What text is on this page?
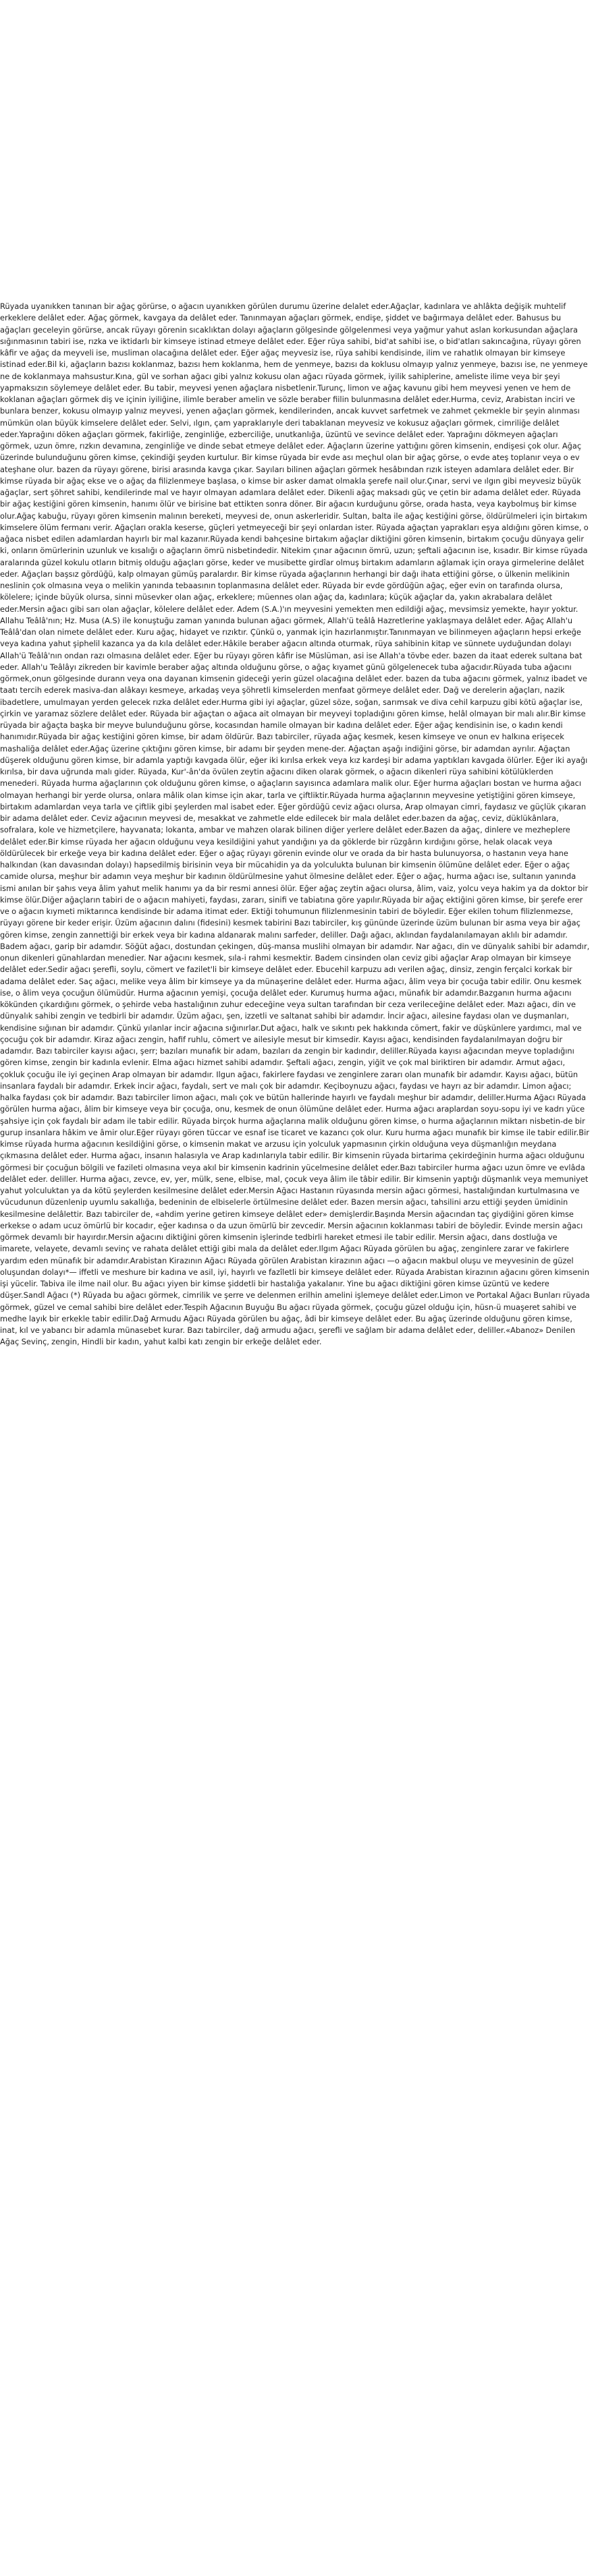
Rüyada uyanıkken tanınan bir ağaç görürse, o ağacın uyanıkken görülen durumu üzerine delalet eder.Ağaçlar, kadınlara ve ahlâkta değişik muhtelif erkeklere delâlet eder. Ağaç görmek, kavgaya da delâlet eder. Tanınmayan ağaçları görmek, endişe, şiddet ve bağırmaya delâlet eder. Bahusus bu ağaçları geceleyin görürse, ancak rüyayı görenin sıcaklıktan dolayı ağaçların gölgesinde gölgelenmesi veya yağmur yahut aslan korkusundan ağaçlara sığınmasının tabiri ise, rızka ve iktidarlı bir kimseye istinad etmeye delâlet eder. Eğer rüya sahibi, bid'at sahibi ise, o bid'atları sakıncağına, rüyayı gören kâfir ve ağaç da meyveli ise, musliman olacağına delâlet eder. Eğer ağaç meyvesiz ise, rüya sahibi kendisinde, ilim ve rahatlık olmayan bir kimseye istinad eder.Bil ki, ağaçların bazısı koklanmaz, bazısı hem koklanma, hem de yenmeye, bazısı da koklusu olmayıp yalnız yenmeye, bazısı ise, ne yenmeye ne de koklanmaya mahsustur.Kına, gül ve sorhan ağacı gibi yalnız kokusu olan ağacı rüyada görmek, iyilik sahiplerine, ameliste ilime veya bir şeyi yapmaksızın söylemeye delâlet eder. Bu tabir, meyvesi yenen ağaçlara nisbetlenir.Turunç, limon ve ağaç kavunu gibi hem meyvesi yenen ve hem de koklanan ağaçları görmek diş ve içinin iyiliğine, ilimle beraber amelin ve sözle beraber fiilin bulunmasına delâlet eder.Hurma, ceviz, Arabistan inciri ve bunlara benzer, kokusu olmayıp yalnız meyvesi, yenen ağaçları görmek, kendilerinden, ancak kuvvet sarfetmek ve zahmet çekmekle bir şeyin alınması mümkün olan büyük kimselere delâlet eder. Selvi, ılgın, çam yapraklarıyle deri tabaklanan meyvesiz ve kokusuz ağaçları görmek, cimriliğe delâlet eder.Yaprağını döken ağaçları görmek, fakirliğe, zenginliğe, ezberciliğe, unutkanlığa, üzüntü ve sevince delâlet eder. Yaprağını dökmeyen ağaçları görmek, uzun ömre, rızkın devamına, zenginliğe ve dinde sebat etmeye delâlet eder. Ağaçların üzerine yattığını gören kimsenin, endişesi çok olur. Ağaç üzerinde bulunduğunu gören kimse, çekindiği şeyden kurtulur. Bir kimse rüyada bir evde ası meçhul olan bir ağaç görse, o evde ateş toplanır veya o ev ateşhane olur. bazen da rüyayı görene, birisi arasında kavga çıkar. Sayıları bilinen ağaçları görmek hesâbından rızık isteyen adamlara delâlet eder. Bir kimse rüyada bir ağaç ekse ve o ağaç da filizlenmeye başlasa, o kimse bir asker damat olmakla şerefe nail olur.Çınar, servi ve ılgın gibi meyvesiz büyük ağaçlar, sert şöhret sahibi, kendilerinde mal ve hayır olmayan adamlara delâlet eder. Dikenli ağaç maksadı güç ve çetin bir adama delâlet eder. Rüyada bir ağaç kestiğini gören kimsenin, hanımı ölür ve birisine bat ettikten sonra döner. Bir ağacın kurduğunu görse, orada hasta, veya kaybolmuş bir kimse olur.Ağaç kabuğu, rüyayı gören kimsenin malının bereketi, meyvesi de, onun askerleridir. Sultan, balta ile ağaç kestiğini görse, öldürülmeleri için birtakım kimselere ölüm fermanı verir. Ağaçları orakla keserse, güçleri yetmeyeceği bir şeyi onlardan ister. Rüyada ağaçtan yaprakları eşya aldığını gören kimse, o ağaca nisbet edilen adamlardan hayırlı bir mal kazanır.Rüyada kendi bahçesine birtakım ağaçlar diktiğini gören kimsenin, birtakım çocuğu dünyaya gelir ki, onların ömürlerinin uzunluk ve kısalığı o ağaçların ömrü nisbetindedir. Nitekim çınar ağacının ömrü, uzun; şeftali ağacının ise, kısadır. Bir kimse rüyada aralarında güzel kokulu otların bitmiş olduğu ağaçları görse, keder ve musibette girdîar olmuş birtakım adamların ağlamak için oraya girmelerine delâlet eder. Ağaçları başsız gördüğü, kalp olmayan gümüş paralardır. Bir kimse rüyada ağaçlarının herhangi bir dağı ihata ettiğini görse, o ülkenin melikinin neslinin çok olmasına veya o melikin yanında tebaasının toplanmasına delâlet eder. Rüyada bir evde gördüğün ağaç, eğer evin on tarafında olursa, kölelere; içinde büyük olursa, sinni müsevker olan ağaç, erkeklere; müennes olan ağaç da, kadınlara; küçük ağaçlar da, yakın akrabalara delâlet eder.Mersin ağacı gibi sarı olan ağaçlar, kölelere delâlet eder. Adem (S.A.)'ın meyvesini yemekten men edildiği ağaç, mevsimsiz yemekte, hayır yoktur. Allahu Teâlâ'nın; Hz. Musa (A.S) ile konuştuğu zaman yanında bulunan ağacı görmek, Allah'ü teâlâ Hazretlerine yaklaşmaya delâlet eder. Ağaç Allah'u Teâlâ'dan olan nimete delâlet eder. Kuru ağaç, hidayet ve rızıktır. Çünkü o, yanmak için hazırlanmıştır.Tanınmayan ve bilinmeyen ağaçların hepsi erkeğe veya kadına yahut şiphelil kazanca ya da kıla delâlet eder.Hâkile beraber ağacın altında oturmak, rüya sahibinin kitap ve sünnete uyduğundan dolayı Allah'ü Teâlâ'nın ondan razı olmasına delâlet eder. Eğer bu rüyayı gören kâfir ise Müslüman, asi ise Allah'a tövbe eder. bazen da itaat ederek sultana bat eder. Allah'u Teâlâyı zikreden bir kavimle beraber ağaç altında olduğunu görse, o ağaç kıyamet günü gölgelenecek tuba ağacıdır.Rüyada tuba ağacını görmek,onun gölgesinde durann veya ona dayanan kimsenin gideceği yerin güzel olacağına delâlet eder. bazen da tuba ağacını görmek, yalnız ibadet ve taatı tercih ederek masiva-dan alâkayı kesmeye, arkadaş veya şöhretli kimselerden menfaat görmeye delâlet eder. Dağ ve derelerin ağaçları, nazik ibadetlere, umulmayan yerden gelecek rızka delâlet eder.Hurma gibi iyi ağaçlar, güzel söze, soğan, sarımsak ve diva cehil karpuzu gibi kötü ağaçlar ise, çirkin ve yaramaz sözlere delâlet eder. Rüyada bir ağaçtan o ağaca ait olmayan bir meyveyi topladığını gören kimse, helâl olmayan bir malı alır.Bir kimse rüyada bir ağaçta başka bir meyve bulunduğunu görse, kocasından hamile olmayan bir kadına delâlet eder. Eğer ağaç kendisinin ise, o kadın kendi hanımıdır.Rüyada bir ağaç kestiğini gören kimse, bir adam öldürür. Bazı tabirciler, rüyada ağaç kesmek, kesen kimseye ve onun ev halkına erişecek mashaliğa delâlet eder.Ağaç üzerine çıktığını gören kimse, bir adamı bir şeyden mene-der. Ağaçtan aşağı indiğini görse, bir adamdan ayrılır. Ağaçtan düşerek olduğunu gören kimse, bir adamla yaptığı kavgada ölür, eğer iki kırılsa erkek veya kız kardeşi bir adama yaptıkları kavgada ölürler. Eğer iki ayağı kırılsa, bir dava uğrunda malı gider. Rüyada, Kur'-ân'da övülen zeytin ağacını diken olarak görmek, o ağacın dikenleri rüya sahibini kötülüklerden menederi. Rüyada hurma ağaçlarının çok olduğunu gören kimse, o ağaçların sayısınca adamlara malik olur. Eğer hurma ağaçları bostan ve hurma ağacı olmayan herhangi bir yerde olursa, onlara mâlik olan kimse için akar, tarla ve çiftliktir.Rüyada hurma ağaçlarının meyvesine yetiştiğini gören kimseye, birtakım adamlardan veya tarla ve çiftlik gibi şeylerden mal isabet eder. Eğer gördüğü ceviz ağacı olursa, Arap olmayan cimri, faydasız ve güçlük çıkaran bir adama delâlet eder. Ceviz ağacının meyvesi de, mesakkat ve zahmetle elde edilecek bir mala delâlet eder.bazen da ağaç, ceviz, düklükânlara, sofralara, kole ve hizmetçilere, hayvanata; lokanta, ambar ve mahzen olarak bilinen diğer yerlere delâlet eder.Bazen da ağaç, dinlere ve mezheplere delâlet eder.Bir kimse rüyada her ağacın olduğunu veya kesildiğini yahut yandığını ya da göklerde bir rüzgârın kırdığını görse, helak olacak veya öldürülecek bir erkeğe veya bir kadına delâlet eder. Eğer o ağaç rüyayı görenin evinde olur ve orada da bir hasta bulunuyorsa, o hastanın veya hane halkından (kan davasından dolayı) hapsedilmiş birisinin veya bir mücahidin ya da yolculukta bulunan bir kimsenin ölümüne delâlet eder. Eğer o ağaç camide olursa, meşhur bir adamın veya meşhur bir kadının öldürülmesine yahut ölmesine delâlet eder. Eğer o ağaç, hurma ağacı ise, sultanın yanında ismi anılan bir şahıs veya âlim yahut melik hanımı ya da bir resmi annesi ölür. Eğer ağaç zeytin ağacı olursa, âlim, vaiz, yolcu veya hakim ya da doktor bir kimse ölür.Diğer ağaçların tabiri de o ağacın mahiyeti, faydası, zararı, sinifi ve tabiatına göre yapılır.Rüyada bir ağaç ektiğini gören kimse, bir şerefe erer ve o ağacın kıymeti miktarınca kendisinde bir adama itimat eder. Ektiği tohumunun filizlenmesinin tabiri de böyledir. Eğer ekilen tohum filizlenmezse, rüyayı görene bir keder erişir. Üzüm ağacının dalını (fidesini) kesmek tabirini Bazı tabirciler, kış gününde üzerinde üzüm bulunan bir asma veya bir ağaç gören kimse, zengin zannettiği bir erkek veya bir kadına aldanarak malını sarfeder, deliller. Dağı ağacı, aklından faydalanılamayan aklılı bir adamdır. Badem ağacı, garip bir adamdır. Söğüt ağacı, dostundan çekingen, düş-mansa muslihi olmayan bir adamdır. Nar ağacı, din ve dünyalık sahibi bir adamdır, onun dikenleri günahlardan menedier. Nar ağacını kesmek, sıla-i rahmi kesmektir. Badem cinsinden olan ceviz gibi ağaçlar Arap olmayan bir kimseye delâlet eder.Sedir ağacı şerefli, soylu, cömert ve fazilet'li bir kimseye delâlet eder. Ebucehil karpuzu adı verilen ağaç, dinsiz, zengin ferçalci korkak bir adama delâlet eder. Saç ağacı, melike veya âlim bir kimseye ya da münaşerine delâlet eder. Hurma ağacı, âlim veya bir çocuğa tabir edilir. Onu kesmek ise, o âlim veya çocuğun ölümüdür. Hurma ağacının yemişi, çocuğa delâlet eder. Kurumuş hurma ağacı, münafık bir adamdır.Bazganın hurma ağacını kökünden çıkardığını görmek, o şehirde veba hastalığının zuhur edeceğine veya sultan tarafından bir ceza verileceğine delâlet eder. Mazı ağacı, din ve dünyalık sahibi zengin ve tedbirli bir adamdır. Üzüm ağacı, şen, izzetli ve saltanat sahibi bir adamdır. İncir ağacı, ailesine faydası olan ve duşmanları, kendisine sığınan bir adamdır. Çünkü yılanlar incir ağacına sığınırlar.Dut ağacı, halk ve sıkıntı pek hakkında cömert, fakir ve düşkünlere yardımcı, mal ve çocuğu çok bir adamdır. Kiraz ağacı zengin, hafif ruhlu, cömert ve ailesiyle mesut bir kimsedir. Kayısı ağacı, kendisinden faydalanılmayan doğru bir adamdır. Bazı tabirciler kayısı ağacı, şerr; bazıları munafık bir adam, bazıları da zengin bir kadındır, deliller.Rüyada kayısı ağacından meyve topladığını gören kimse, zengin bir kadınla evlenir. Elma ağacı hizmet sahibi adamdır. Şeftali ağacı, zengin, yiğit ve çok mal biriktiren bir adamdır. Armut ağacı, çokluk çocuğu ile iyi geçinen Arap olmayan bir adamdır. Ilgun ağacı, fakirlere faydası ve zenginlere zararı olan munafık bir adamdır. Kayısı ağacı, bütün insanlara faydalı bir adamdır. Erkek incir ağacı, faydalı, sert ve malı çok bir adamdır. Keçiboynuzu ağacı, faydası ve hayrı az bir adamdır. Limon ağacı; halka faydası çok bir adamdır. Bazı tabirciler limon ağacı, malı çok ve bütün hallerinde hayırlı ve faydalı meşhur bir adamdır, deliller.Hurma Ağacı Rüyada görülen hurma ağacı, âlim bir kimseye veya bir çocuğa, onu, kesmek de onun ölümüne delâlet eder. Hurma ağacı araplardan soyu-sopu iyi ve kadrı yüce şahsiye için çok faydalı bir adam ile tabir edilir. Rüyada birçok hurma ağaçlarına malik olduğunu gören kimse, o hurma ağaçlarının miktarı nisbetin-de bir gurup insanlara hâkim ve âmir olur.Eğer rüyayı gören tüccar ve esnaf ise ticaret ve kazancı çok olur. Kuru hurma ağacı munafık bir kimse ile tabir edilir.Bir kimse rüyada hurma ağacının kesildiğini görse, o kimsenin makat ve arzusu için yolculuk yapmasının çirkin olduğuna veya düşmanlığın meydana çıkmasına delâlet eder. Hurma ağacı, insanın halasıyla ve Arap kadınlarıyla tabir edilir. Bir kimsenin rüyada birtarima çekirdeğinin hurma ağacı olduğunu görmesi bir çocuğun bölgili ve fazileti olmasına veya akıl bir kimsenin kadrinin yücelmesine delâlet eder.Bazı tabirciler hurma ağacı uzun ömre ve evlâda delâlet eder. deliller. Hurma ağacı, zevce, ev, yer, mülk, sene, elbise, mal, çocuk veya âlim ile tâbir edilir. Bir kimsenin yaptığı düşmanlık veya memuniyet yahut yolculuktan ya da kötü şeylerden kesilmesine delâlet eder.Mersin Ağacı Hastanın rüyasında mersin ağacı görmesi, hastalığından kurtulmasına ve vücudunun düzenlenip uyumlu sakallığa, bedeninin de elbiselerle örtülmesine delâlet eder. Bazen mersin ağacı, tahsilini arzu ettiği şeyden ümidinin kesilmesine delâlettir. Bazı tabirciler de, «ahdim yerine getiren kimseye delâlet eder» demişlerdir.Başında Mersin ağacından taç giydiğini gören kimse erkekse o adam ucuz ömürlü bir kocadır, eğer kadınsa o da uzun ömürlü bir zevcedir. Mersin ağacının koklanması tabiri de böyledir. Evinde mersin ağacı görmek devamlı bir hayırdır.Mersin ağacını diktiğini gören kimsenin işlerinde tedbirli hareket etmesi ile tabir edilir. Mersin ağacı, dans dostluğa ve imarete, velayete, devamlı sevinç ve rahata delâlet ettiği gibi mala da delâlet eder.Ilgım Ağacı Rüyada görülen bu ağaç, zenginlere zarar ve fakirlere yardım eden münafık bir adamdır.Arabistan Kirazının Ağacı Rüyada görülen Arabistan kirazının ağacı —o ağacın makbul oluşu ve meyvesinin de güzel oluşundan dolayı*— iffetli ve meshure bir kadına ve asil, iyi, hayırlı ve fazîletli bir kimseye delâlet eder. Rüyada Arabistan kirazının ağacını gören kimsenin işi yücelir. Tabiva ile ilme nail olur. Bu ağacı yiyen bir kimse şiddetli bir hastalığa yakalanır. Yine bu ağacı diktiğini gören kimse üzüntü ve kedere düşer.Sandl Ağacı (*) Rüyada bu ağacı görmek, cimrilik ve şerre ve delenmen erilhin amelini işlemeye delâlet eder.Limon ve Portakal Ağacı Bunları rüyada görmek, güzel ve cemal sahibi bire delâlet eder.Tespih Ağacının Buyuğu Bu ağacı rüyada görmek, çocuğu güzel olduğu için, hüsn-ü muaşeret sahibi ve medhe layık bir erkekle tabir edilir.Dağ Armudu Ağacı Rüyada görülen bu ağaç, âdi bir kimseye delâlet eder. Bu ağaç üzerinde olduğunu gören kimse, inat, kıl ve yabancı bir adamla münasebet kurar. Bazı tabirciler, dağ armudu ağacı, şerefli ve sağlam bir adama delâlet eder, deliller.«Abanoz» Denilen Ağaç Sevinç, zengin, Hindli bir kadın, yahut kalbi katı zengin bir erkeğe delâlet eder.
